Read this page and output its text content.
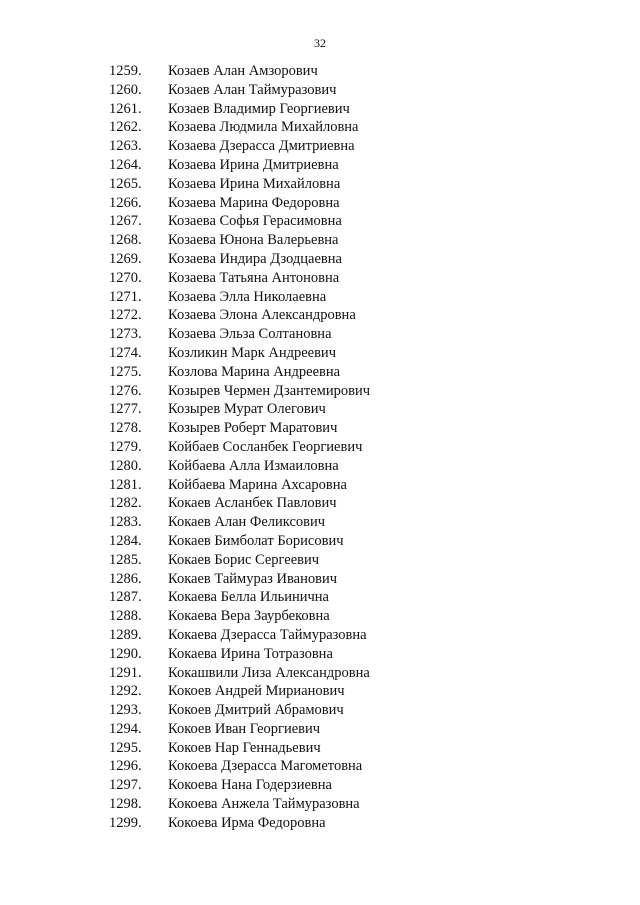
32
1259. Козаев Алан Амзорович
1260. Козаев Алан Таймуразович
1261. Козаев Владимир Георгиевич
1262. Козаева Людмила Михайловна
1263. Козаева Дзерасса Дмитриевна
1264. Козаева Ирина Дмитриевна
1265. Козаева Ирина Михайловна
1266. Козаева Марина Федоровна
1267. Козаева Софья Герасимовна
1268. Козаева Юнона Валерьевна
1269. Козаева Индира Дзодцаевна
1270. Козаева Татьяна Антоновна
1271. Козаева Элла Николаевна
1272. Козаева Элона Александровна
1273. Козаева Эльза Солтановна
1274. Козликин Марк Андреевич
1275. Козлова Марина Андреевна
1276. Козырев Чермен Дзантемирович
1277. Козырев Мурат Олегович
1278. Козырев Роберт Маратович
1279. Койбаев Сосланбек Георгиевич
1280. Койбаева Алла Измаиловна
1281. Койбаева Марина Ахсаровна
1282. Кокаев Асланбек Павлович
1283. Кокаев Алан Феликсович
1284. Кокаев Бимболат Борисович
1285. Кокаев Борис Сергеевич
1286. Кокаев Таймураз Иванович
1287. Кокаева Белла Ильинична
1288. Кокаева Вера Заурбековна
1289. Кокаева Дзерасса Таймуразовна
1290. Кокаева Ирина Тотразовна
1291. Кокашвили Лиза Александровна
1292. Кокоев Андрей Мирианович
1293. Кокоев Дмитрий Абрамович
1294. Кокоев Иван Георгиевич
1295. Кокоев Нар Геннадьевич
1296. Кокоева Дзерасса Магометовна
1297. Кокоева Нана Годерзиевна
1298. Кокоева Анжела Таймуразовна
1299. Кокоева Ирма Федоровна
